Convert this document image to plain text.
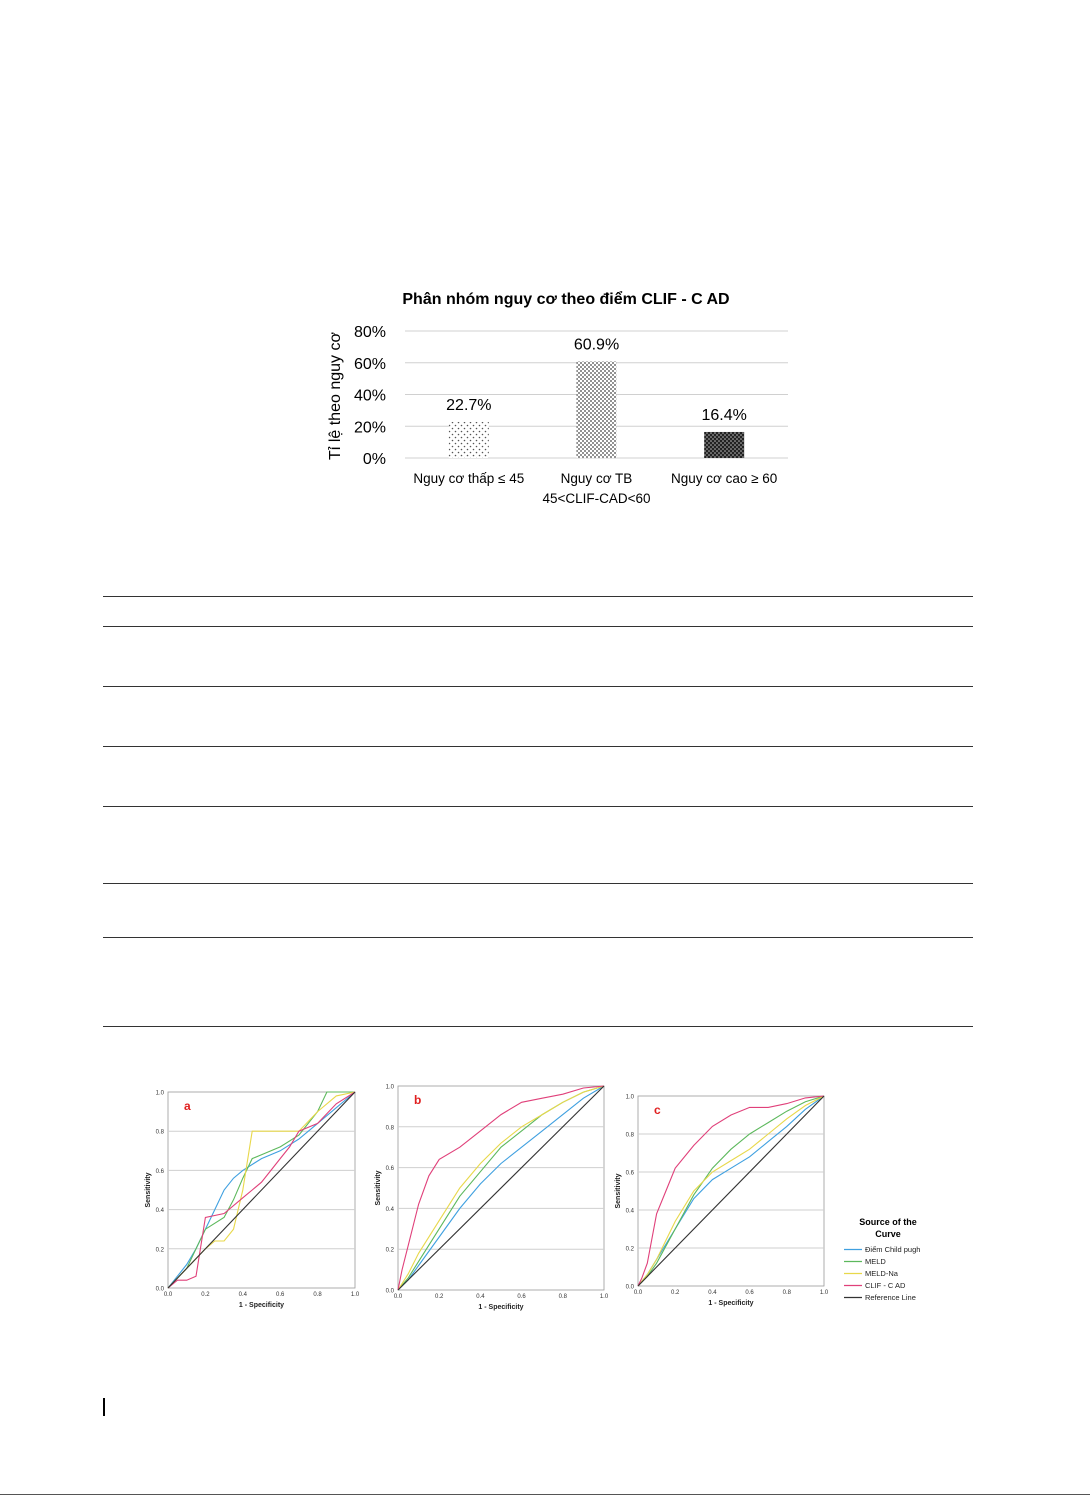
Phân nhóm nguy cơ theo điểm CLIF - C AD
0%
20%
40%
60%
80%
22.7%
60.9%
16.4%
Nguy cơ thấp ≤ 45	Nguy cơ TB
45<CLIF-CAD<60
Nguy cơ cao ≥ 60
Tỉ lệ theo nguy cơ
0.0
0.0
0.2
0.2
0.4
0.4
0.6
0.6
0.8
0.8
1.0
1.0
1 - Specificity
Sensitivity
a
0.0
0.0
0.2
0.2
0.4
0.4
0.6
0.6
0.8
0.8
1.0
1.0
1 - Specificity
Sensitivity
b
0.0
0.0
0.2
0.2
0.4
0.4
0.6
0.6
0.8
0.8
1.0
1.0
1 - Specificity
Sensitivity
c
Source of the
Curve
Điểm Child pugh
MELD
MELD-Na
CLIF - C AD
Reference Line
